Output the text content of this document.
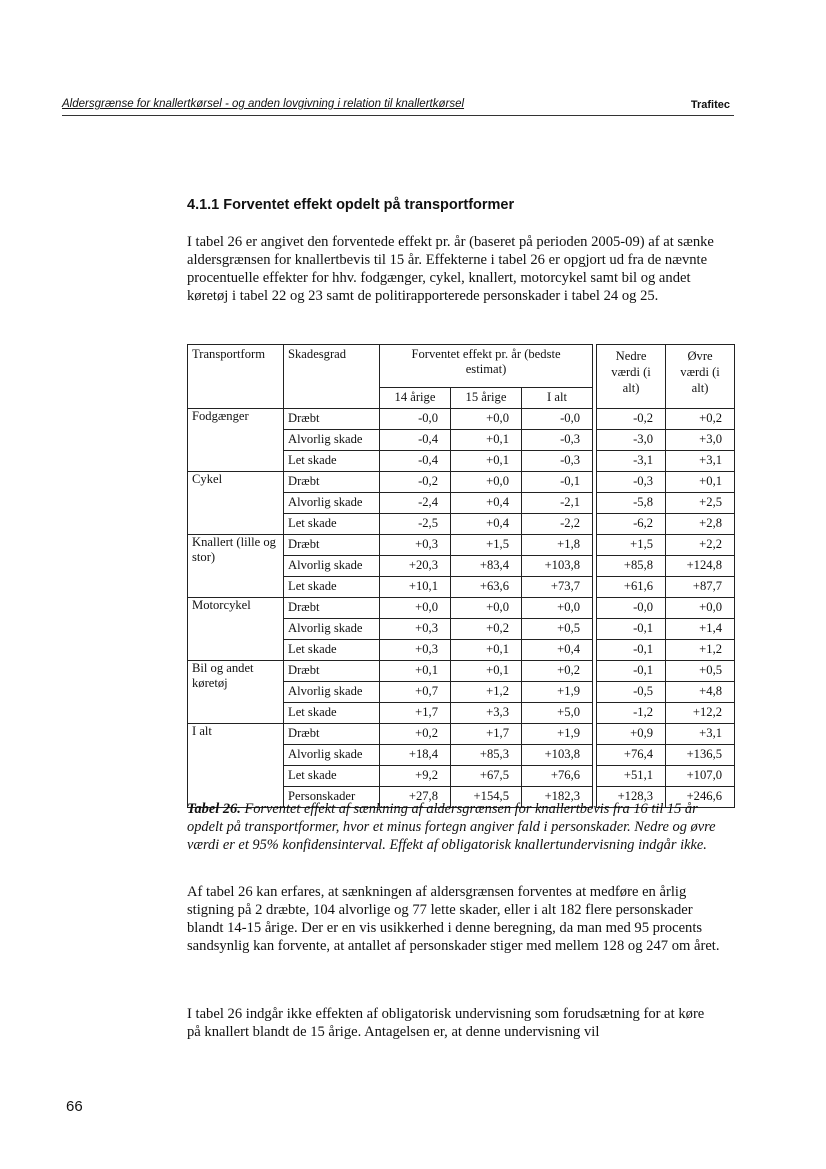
Aldersgrænse for knallertkørsel - og anden lovgivning i relation til knallertkørsel	Trafitec
4.1.1 Forventet effekt opdelt på transportformer

I tabel 26 er angivet den forventede effekt pr. år (baseret på perioden 2005-09) af at sænke aldersgrænsen for knallertbevis til 15 år. Effekterne i tabel 26 er opgjort ud fra de nævnte procentuelle effekter for hhv. fodgænger, cykel, knallert, motorcykel samt bil og andet køretøj i tabel 22 og 23 samt de politirapporterede personskader i tabel 24 og 25.

Transportform	Skadesgrad	Forventet effekt pr. år (bedste estimat)				Nedre værdi (i alt)	Øvre værdi (i alt)
		14 årige	15 årige	I alt			
Fodgænger	Dræbt	-0,0	+0,0	-0,0		-0,2	+0,2
	Alvorlig skade	-0,4	+0,1	-0,3		-3,0	+3,0
	Let skade	-0,4	+0,1	-0,3		-3,1	+3,1
Cykel	Dræbt	-0,2	+0,0	-0,1		-0,3	+0,1
	Alvorlig skade	-2,4	+0,4	-2,1		-5,8	+2,5
	Let skade	-2,5	+0,4	-2,2		-6,2	+2,8
Knallert (lille og stor)	Dræbt	+0,3	+1,5	+1,8		+1,5	+2,2
	Alvorlig skade	+20,3	+83,4	+103,8		+85,8	+124,8
	Let skade	+10,1	+63,6	+73,7		+61,6	+87,7
Motorcykel	Dræbt	+0,0	+0,0	+0,0		-0,0	+0,0
	Alvorlig skade	+0,3	+0,2	+0,5		-0,1	+1,4
	Let skade	+0,3	+0,1	+0,4		-0,1	+1,2
Bil og andet køretøj	Dræbt	+0,1	+0,1	+0,2		-0,1	+0,5
	Alvorlig skade	+0,7	+1,2	+1,9		-0,5	+4,8
	Let skade	+1,7	+3,3	+5,0		-1,2	+12,2
I alt	Dræbt	+0,2	+1,7	+1,9		+0,9	+3,1
	Alvorlig skade	+18,4	+85,3	+103,8		+76,4	+136,5
	Let skade	+9,2	+67,5	+76,6		+51,1	+107,0
	Personskader	+27,8	+154,5	+182,3		+128,3	+246,6
Tabel 26. Forventet effekt af sænkning af aldersgrænsen for knallertbevis fra 16 til 15 år opdelt på transportformer, hvor et minus fortegn angiver fald i personskader. Nedre og øvre værdi er et 95% konfidensinterval. Effekt af obligatorisk knallertundervisning indgår ikke.

Af tabel 26 kan erfares, at sænkningen af aldersgrænsen forventes at medføre en årlig stigning på 2 dræbte, 104 alvorlige og 77 lette skader, eller i alt 182 flere personskader blandt 14-15 årige. Der er en vis usikkerhed i denne beregning, da man med 95 procents sandsynlig kan forvente, at antallet af personskader stiger med mellem 128 og 247 om året.

I tabel 26 indgår ikke effekten af obligatorisk undervisning som forudsætning for at køre på knallert blandt de 15 årige. Antagelsen er, at denne undervisning vil

66
